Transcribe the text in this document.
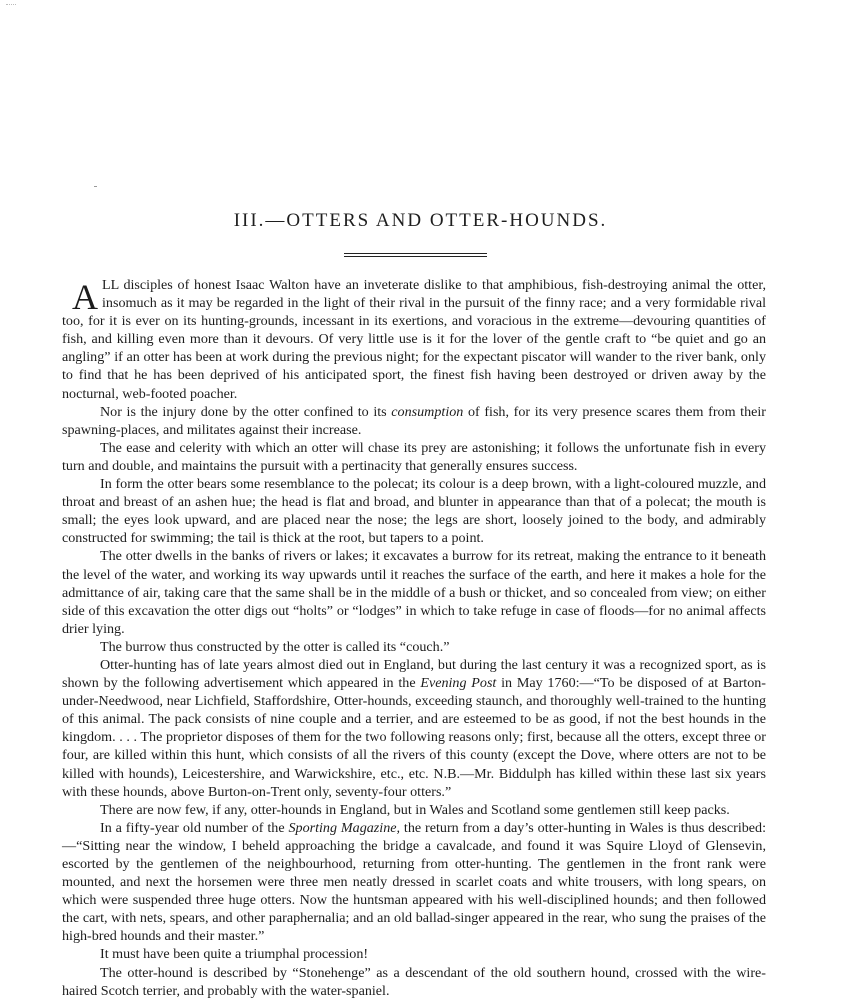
III.—OTTERS AND OTTER-HOUNDS.

ALL disciples of honest Isaac Walton have an inveterate dislike to that amphibious, fish-destroying animal the otter, insomuch as it may be regarded in the light of their rival in the pursuit of the finny race; and a very formidable rival too, for it is ever on its hunting-grounds, incessant in its exertions, and voracious in the extreme—devouring quantities of fish, and killing even more than it devours. Of very little use is it for the lover of the gentle craft to “be quiet and go an angling” if an otter has been at work during the previous night; for the expectant piscator will wander to the river bank, only to find that he has been deprived of his anticipated sport, the finest fish having been destroyed or driven away by the nocturnal, web-footed poacher.

Nor is the injury done by the otter confined to its consumption of fish, for its very presence scares them from their spawning-places, and militates against their increase.

The ease and celerity with which an otter will chase its prey are astonishing; it follows the unfortunate fish in every turn and double, and maintains the pursuit with a pertinacity that generally ensures success.

In form the otter bears some resemblance to the polecat; its colour is a deep brown, with a light-coloured muzzle, and throat and breast of an ashen hue; the head is flat and broad, and blunter in appearance than that of a polecat; the mouth is small; the eyes look upward, and are placed near the nose; the legs are short, loosely joined to the body, and admirably constructed for swimming; the tail is thick at the root, but tapers to a point.

The otter dwells in the banks of rivers or lakes; it excavates a burrow for its retreat, making the entrance to it beneath the level of the water, and working its way upwards until it reaches the surface of the earth, and here it makes a hole for the admittance of air, taking care that the same shall be in the middle of a bush or thicket, and so concealed from view; on either side of this excavation the otter digs out “holts” or “lodges” in which to take refuge in case of floods—for no animal affects drier lying.

The burrow thus constructed by the otter is called its “couch.”

Otter-hunting has of late years almost died out in England, but during the last century it was a recognized sport, as is shown by the following advertisement which appeared in the Evening Post in May 1760:—“To be disposed of at Barton-under-Needwood, near Lichfield, Staffordshire, Otter-hounds, exceeding staunch, and thoroughly well-trained to the hunting of this animal. The pack consists of nine couple and a terrier, and are esteemed to be as good, if not the best hounds in the kingdom. . . . The proprietor disposes of them for the two following reasons only; first, because all the otters, except three or four, are killed within this hunt, which consists of all the rivers of this county (except the Dove, where otters are not to be killed with hounds), Leicestershire, and Warwickshire, etc., etc. N.B.—Mr. Biddulph has killed within these last six years with these hounds, above Burton-on-Trent only, seventy-four otters.”

There are now few, if any, otter-hounds in England, but in Wales and Scotland some gentlemen still keep packs.

In a fifty-year old number of the Sporting Magazine, the return from a day’s otter-hunting in Wales is thus described:—“Sitting near the window, I beheld approaching the bridge a cavalcade, and found it was Squire Lloyd of Glensevin, escorted by the gentlemen of the neighbourhood, returning from otter-hunting. The gentlemen in the front rank were mounted, and next the horsemen were three men neatly dressed in scarlet coats and white trousers, with long spears, on which were suspended three huge otters. Now the huntsman appeared with his well-disciplined hounds; and then followed the cart, with nets, spears, and other paraphernalia; and an old ballad-singer appeared in the rear, who sung the praises of the high-bred hounds and their master.”

It must have been quite a triumphal procession!

The otter-hound is described by “Stonehenge” as a descendant of the old southern hound, crossed with the wire-haired Scotch terrier, and probably with the water-spaniel.
